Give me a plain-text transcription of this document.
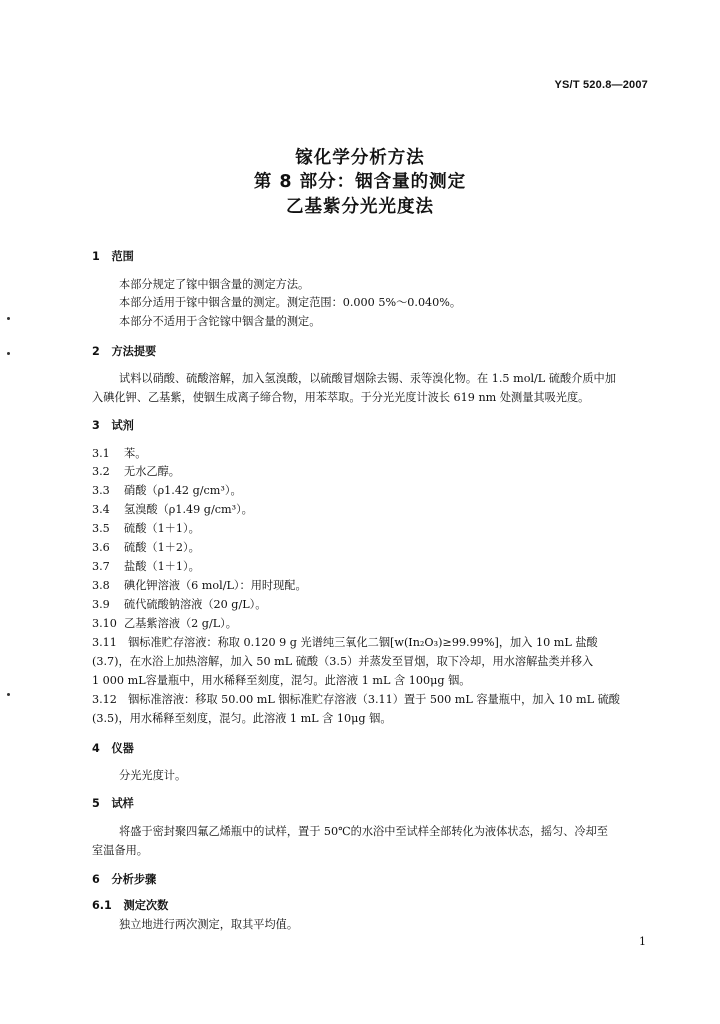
YS/T 520.8—2007
镓化学分析方法
第 8 部分：铟含量的测定
乙基紫分光光度法
1 范围
本部分规定了镓中铟含量的测定方法。
本部分适用于镓中铟含量的测定。测定范围：0.000 5%～0.040%。
本部分不适用于含铊镓中铟含量的测定。
2 方法提要
试料以硝酸、硫酸溶解，加入氢溴酸，以硫酸冒烟除去锡、汞等溴化物。在 1.5 mol/L 硫酸介质中加
入碘化钾、乙基紫，使铟生成离子缔合物，用苯萃取。于分光光度计波长 619 nm 处测量其吸光度。
3 试剂
3.1 苯。
3.2 无水乙醇。
3.3 硝酸（ρ1.42 g/cm³）。
3.4 氢溴酸（ρ1.49 g/cm³）。
3.5 硫酸（1＋1）。
3.6 硫酸（1＋2）。
3.7 盐酸（1＋1）。
3.8 碘化钾溶液（6 mol/L）：用时现配。
3.9 硫代硫酸钠溶液（20 g/L）。
3.10 乙基紫溶液（2 g/L）。
3.11　铟标准贮存溶液：称取 0.120 9 g 光谱纯三氧化二铟[w(In₂O₃)≥99.99%]，加入 10 mL 盐酸
(3.7)，在水浴上加热溶解，加入 50 mL 硫酸（3.5）并蒸发至冒烟，取下冷却，用水溶解盐类并移入
1 000 mL容量瓶中，用水稀释至刻度，混匀。此溶液 1 mL 含 100μg 铟。
3.12　铟标准溶液：移取 50.00 mL 铟标准贮存溶液（3.11）置于 500 mL 容量瓶中，加入 10 mL 硫酸
(3.5)，用水稀释至刻度，混匀。此溶液 1 mL 含 10μg 铟。
4 仪器
分光光度计。
5 试样
将盛于密封聚四氟乙烯瓶中的试样，置于 50℃的水浴中至试样全部转化为液体状态，摇匀、冷却至
室温备用。
6 分析步骤
6.1 测定次数
独立地进行两次测定，取其平均值。
1
